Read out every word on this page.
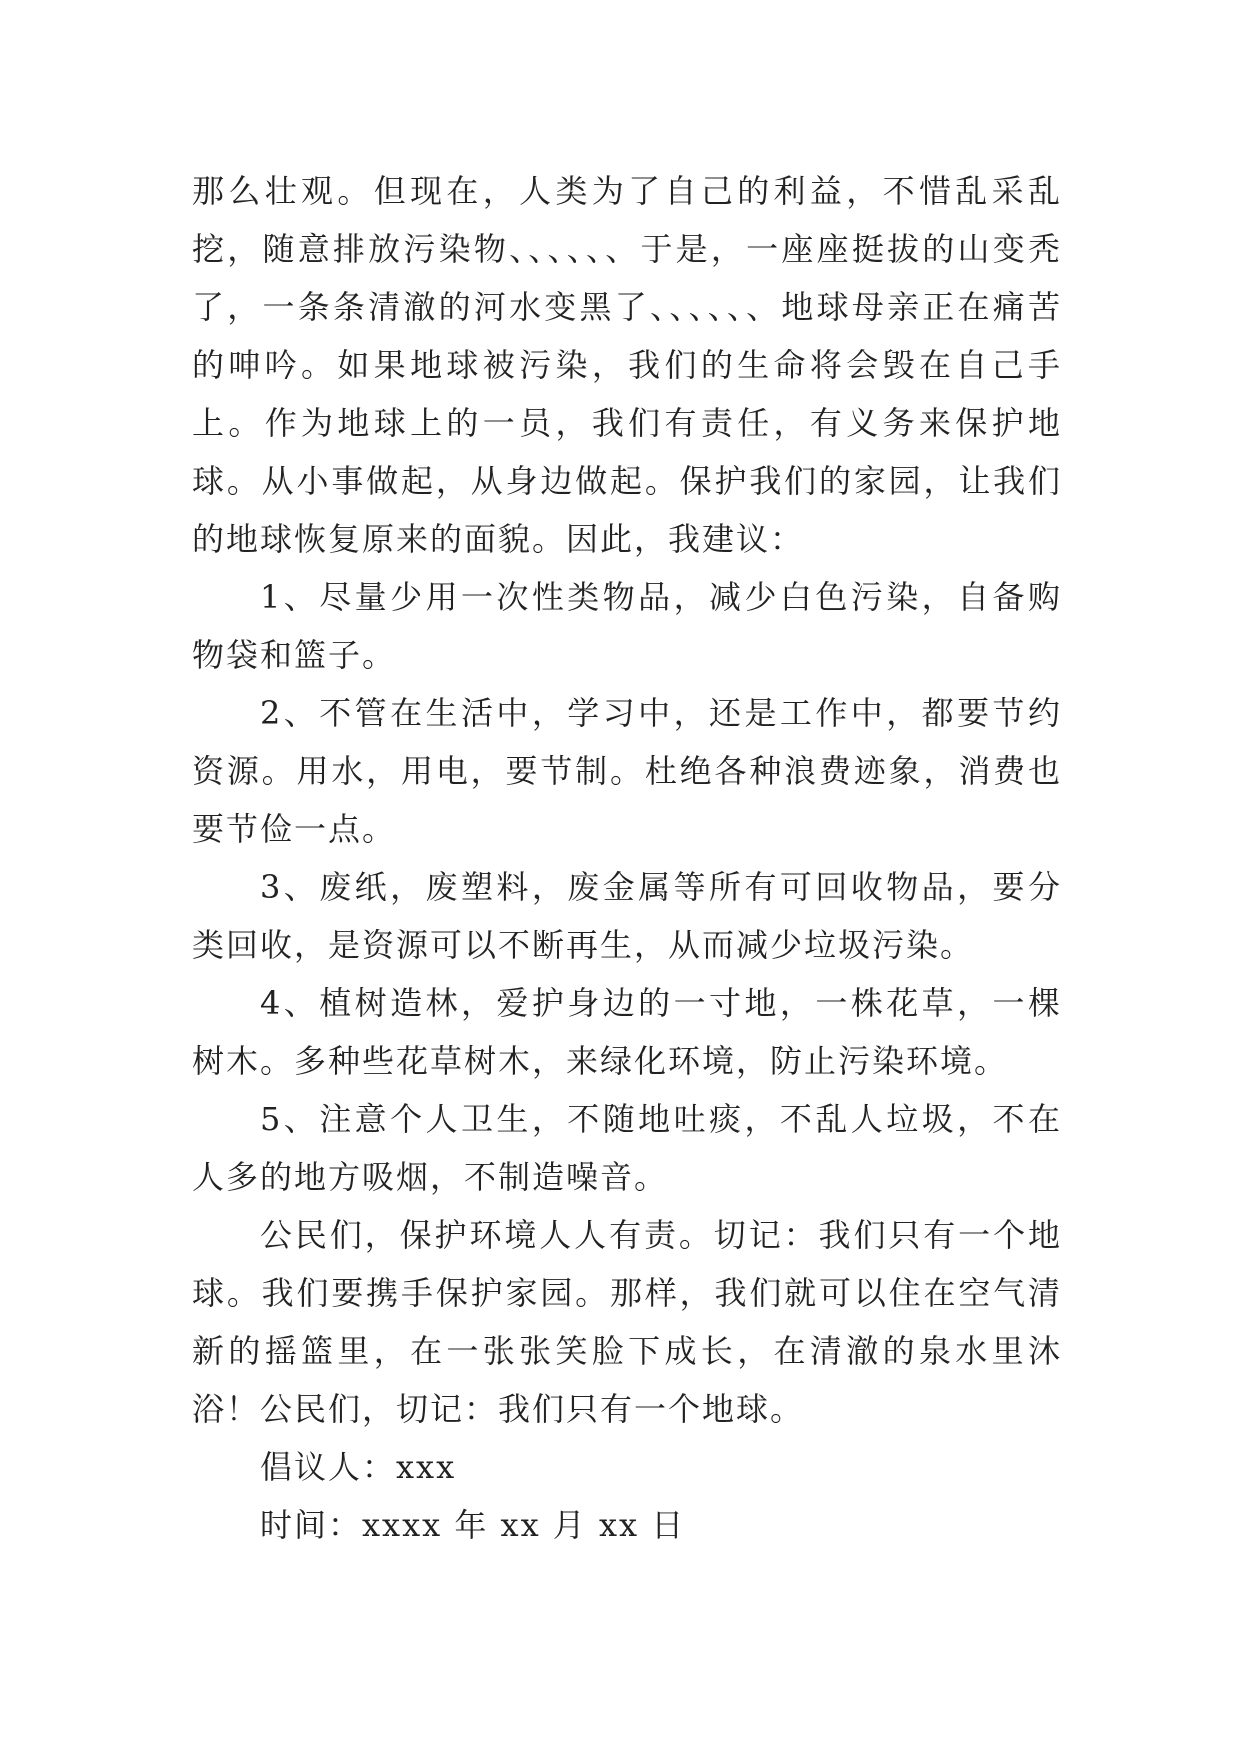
那么壮观。但现在，人类为了自己的利益，不惜乱采乱挖，随意排放污染物、、、、、、于是，一座座挺拔的山变秃了，一条条清澈的河水变黑了、、、、、、地球母亲正在痛苦的呻吟。如果地球被污染，我们的生命将会毁在自己手上。作为地球上的一员，我们有责任，有义务来保护地球。从小事做起，从身边做起。保护我们的家园，让我们的地球恢复原来的面貌。因此，我建议：

1、尽量少用一次性类物品，减少白色污染，自备购物袋和篮子。

2、不管在生活中，学习中，还是工作中，都要节约资源。用水，用电，要节制。杜绝各种浪费迹象，消费也要节俭一点。

3、废纸，废塑料，废金属等所有可回收物品，要分类回收，是资源可以不断再生，从而减少垃圾污染。

4、植树造林，爱护身边的一寸地，一株花草，一棵树木。多种些花草树木，来绿化环境，防止污染环境。

5、注意个人卫生，不随地吐痰，不乱人垃圾，不在人多的地方吸烟，不制造噪音。

公民们，保护环境人人有责。切记：我们只有一个地球。我们要携手保护家园。那样，我们就可以住在空气清新的摇篮里，在一张张笑脸下成长，在清澈的泉水里沐浴！公民们，切记：我们只有一个地球。

倡议人：xxx

时间：xxxx 年 xx 月 xx 日
